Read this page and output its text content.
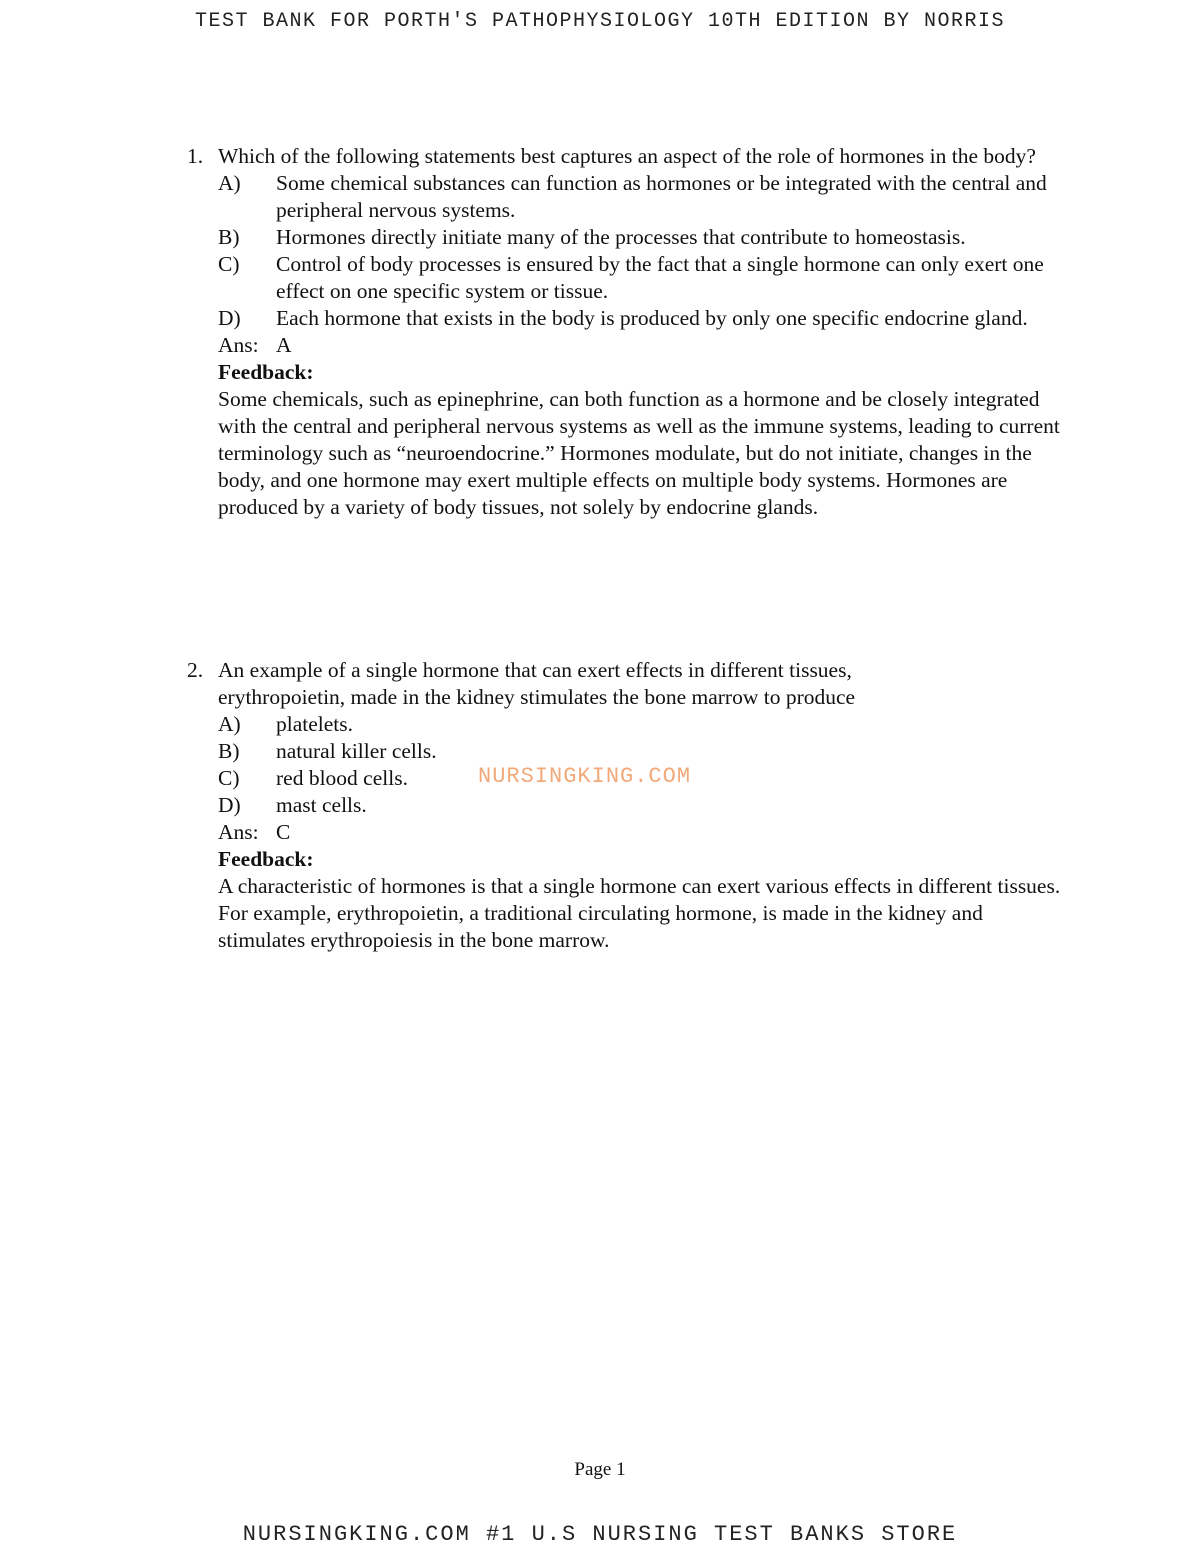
TEST BANK FOR PORTH'S PATHOPHYSIOLOGY 10TH EDITION BY NORRIS
1. Which of the following statements best captures an aspect of the role of hormones in the body?
A) Some chemical substances can function as hormones or be integrated with the central and peripheral nervous systems.
B) Hormones directly initiate many of the processes that contribute to homeostasis.
C) Control of body processes is ensured by the fact that a single hormone can only exert one effect on one specific system or tissue.
D) Each hormone that exists in the body is produced by only one specific endocrine gland.
Ans: A
Feedback:
Some chemicals, such as epinephrine, can both function as a hormone and be closely integrated with the central and peripheral nervous systems as well as the immune systems, leading to current terminology such as “neuroendocrine.” Hormones modulate, but do not initiate, changes in the body, and one hormone may exert multiple effects on multiple body systems. Hormones are produced by a variety of body tissues, not solely by endocrine glands.
2. An example of a single hormone that can exert effects in different tissues, erythropoietin, made in the kidney stimulates the bone marrow to produce
A) platelets.
B) natural killer cells.
C) red blood cells.
D) mast cells.
Ans: C
Feedback:
A characteristic of hormones is that a single hormone can exert various effects in different tissues. For example, erythropoietin, a traditional circulating hormone, is made in the kidney and stimulates erythropoiesis in the bone marrow.
NURSINGKING.COM
Page 1
NURSINGKING.COM #1 U.S NURSING TEST BANKS STORE
